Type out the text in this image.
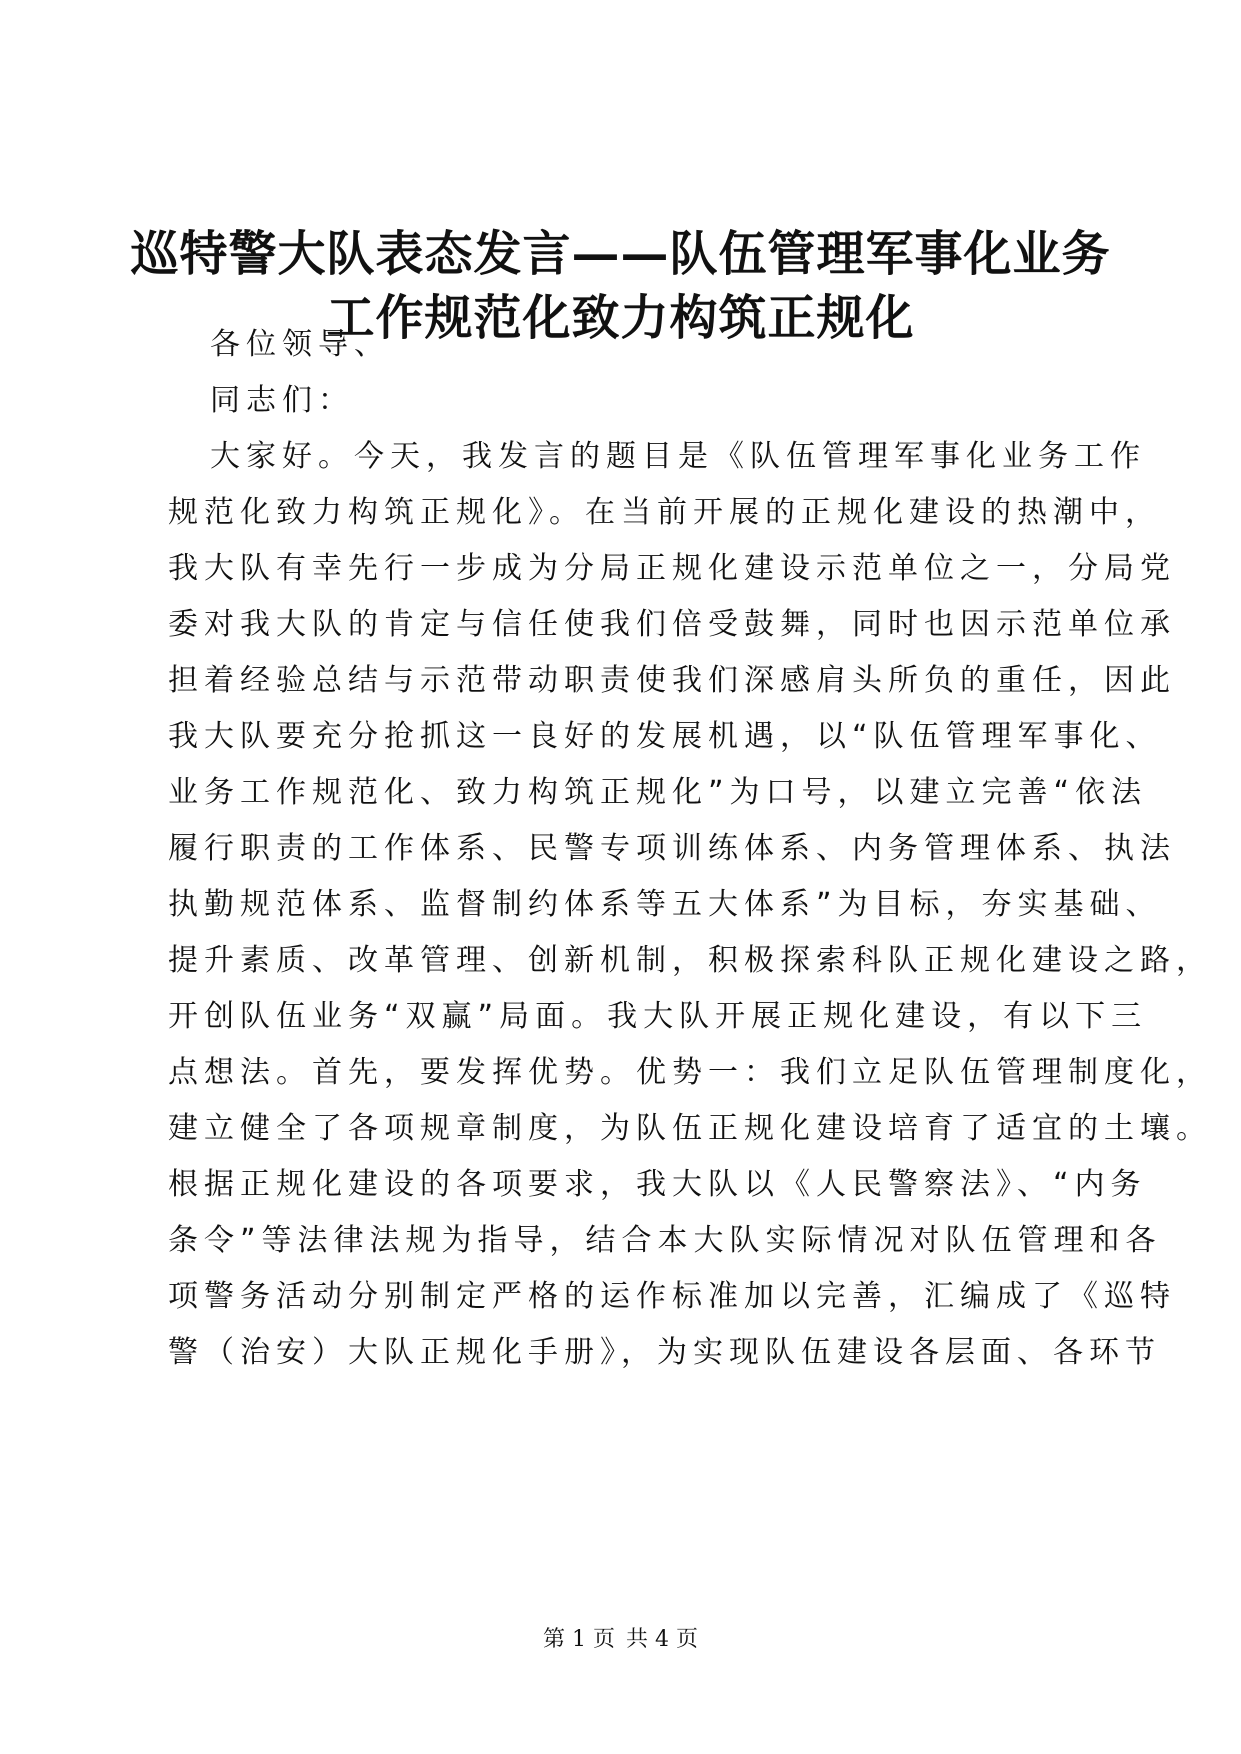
巡特警大队表态发言——队伍管理军事化业务
工作规范化致力构筑正规化
各位领导、
同志们：
大家好。今天，我发言的题目是《队伍管理军事化业务工作
规范化致力构筑正规化》。在当前开展的正规化建设的热潮中，
我大队有幸先行一步成为分局正规化建设示范单位之一，分局党
委对我大队的肯定与信任使我们倍受鼓舞，同时也因示范单位承
担着经验总结与示范带动职责使我们深感肩头所负的重任，因此
我大队要充分抢抓这一良好的发展机遇，以“队伍管理军事化、
业务工作规范化、致力构筑正规化”为口号，以建立完善“依法
履行职责的工作体系、民警专项训练体系、内务管理体系、执法
执勤规范体系、监督制约体系等五大体系”为目标，夯实基础、
提升素质、改革管理、创新机制，积极探索科队正规化建设之路，
开创队伍业务“双赢”局面。我大队开展正规化建设，有以下三
点想法。首先，要发挥优势。优势一：我们立足队伍管理制度化，
建立健全了各项规章制度，为队伍正规化建设培育了适宜的土壤。
根据正规化建设的各项要求，我大队以《人民警察法》、“内务
条令”等法律法规为指导，结合本大队实际情况对队伍管理和各
项警务活动分别制定严格的运作标准加以完善，汇编成了《巡特
警（治安）大队正规化手册》，为实现队伍建设各层面、各环节
第 1 页 共 4 页
